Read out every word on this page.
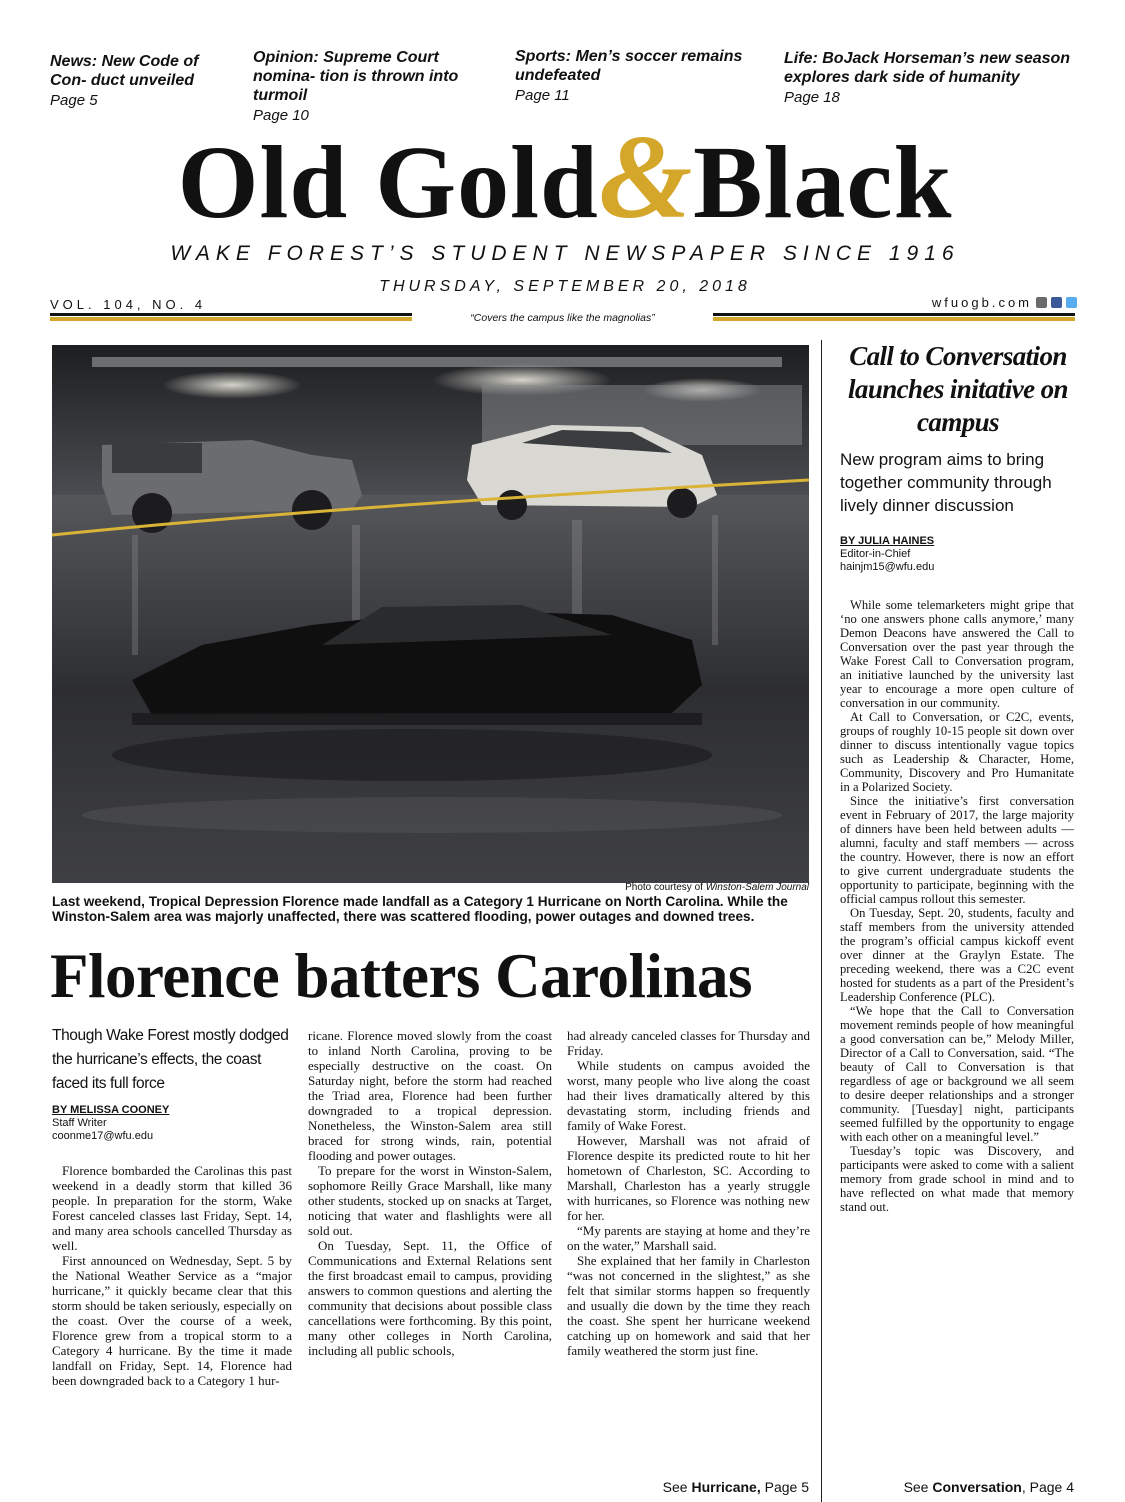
News: New Code of Con- duct unveiled
Page 5
Opinion: Supreme Court nomina- tion is thrown into turmoil
Page 10
Sports: Men’s soccer remains undefeated
Page 11
Life: BoJack Horseman’s new season explores dark side of humanity
Page 18
Old Gold&Black
WAKE FOREST’S STUDENT NEWSPAPER SINCE 1916
THURSDAY, SEPTEMBER 20, 2018
VOL. 104, NO. 4	wfuogb.com
“Covers the campus like the magnolias”
Photo courtesy of Winston-Salem Journal
Last weekend, Tropical Depression Florence made landfall as a Category 1 Hurricane on North Carolina. While the Winston-Salem area was majorly unaffected, there was scattered flooding, power outages and downed trees.
Florence batters Carolinas
Though Wake Forest mostly dodged the hurricane’s effects, the coast faced its full force
BY MELISSA COONEY
Staff Writer
coonme17@wfu.edu

Florence bombarded the Carolinas this past weekend in a deadly storm that killed 36 people. In preparation for the storm, Wake Forest canceled classes last Friday, Sept. 14, and many area schools cancelled Thursday as well.

First announced on Wednesday, Sept. 5 by the National Weather Service as a “major hurricane,” it quickly became clear that this storm should be taken seriously, especially on the coast. Over the course of a week, Florence grew from a tropical storm to a Category 4 hurricane. By the time it made landfall on Friday, Sept. 14, Florence had been downgraded back to a Category 1 hur-

ricane. Florence moved slowly from the coast to inland North Carolina, proving to be especially destructive on the coast. On Saturday night, before the storm had reached the Triad area, Florence had been further downgraded to a tropical depression. Nonetheless, the Winston-Salem area still braced for strong winds, rain, potential flooding and power outages.

To prepare for the worst in Winston-Salem, sophomore Reilly Grace Marshall, like many other students, stocked up on snacks at Target, noticing that water and flashlights were all sold out.

On Tuesday, Sept. 11, the Office of Communications and External Relations sent the first broadcast email to campus, providing answers to common questions and alerting the community that decisions about possible class cancellations were forthcoming. By this point, many other colleges in North Carolina, including all public schools,

had already canceled classes for Thursday and Friday.

While students on campus avoided the worst, many people who live along the coast had their lives dramatically altered by this devastating storm, including friends and family of Wake Forest.

However, Marshall was not afraid of Florence despite its predicted route to hit her hometown of Charleston, SC. According to Marshall, Charleston has a yearly struggle with hurricanes, so Florence was nothing new for her.

“My parents are staying at home and they’re on the water,” Marshall said.

She explained that her family in Charleston “was not concerned in the slightest,” as she felt that similar storms happen so frequently and usually die down by the time they reach the coast. She spent her hurricane weekend catching up on homework and said that her family weathered the storm just fine.

See Hurricane, Page 5
Call to Conversation launches initative on campus
New program aims to bring together community through lively dinner discussion
BY JULIA HAINES
Editor-in-Chief
hainjm15@wfu.edu

While some telemarketers might gripe that ‘no one answers phone calls anymore,’ many Demon Deacons have answered the Call to Conversation over the past year through the Wake Forest Call to Conversation program, an initiative launched by the university last year to encourage a more open culture of conversation in our community.

At Call to Conversation, or C2C, events, groups of roughly 10-15 people sit down over dinner to discuss intentionally vague topics such as Leadership & Character, Home, Community, Discovery and Pro Humanitate in a Polarized Society.

Since the initiative’s first conversation event in February of 2017, the large majority of dinners have been held between adults — alumni, faculty and staff members — across the country. However, there is now an effort to give current undergraduate students the opportunity to participate, beginning with the official campus rollout this semester.

On Tuesday, Sept. 20, students, faculty and staff members from the university attended the program’s official campus kickoff event over dinner at the Graylyn Estate. The preceding weekend, there was a C2C event hosted for students as a part of the President’s Leadership Conference (PLC).

“We hope that the Call to Conversation movement reminds people of how meaningful a good conversation can be,” Melody Miller, Director of a Call to Conversation, said. “The beauty of Call to Conversation is that regardless of age or background we all seem to desire deeper relationships and a stronger community. [Tuesday] night, participants seemed fulfilled by the opportunity to engage with each other on a meaningful level.”

Tuesday’s topic was Discovery, and participants were asked to come with a salient memory from grade school in mind and to have reflected on what made that memory stand out.

See Conversation, Page 4
